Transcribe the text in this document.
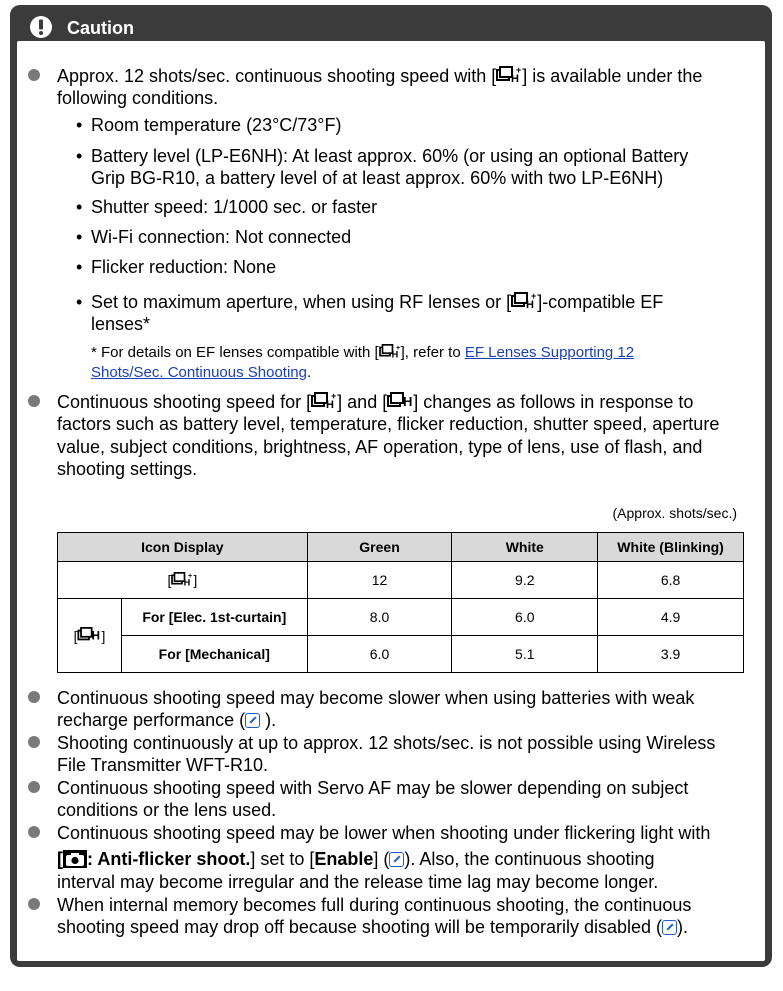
Caution
Approx. 12 shots/sec. continuous shooting speed with [ H
+ ] is available under the
following conditions.
• Room temperature (23°C/73°F)
• Battery level (LP-E6NH): At least approx. 60% (or using an optional Battery
Grip BG-R10, a battery level of at least approx. 60% with two LP-E6NH)
• Shutter speed: 1/1000 sec. or faster
• Wi-Fi connection: Not connected
• Flicker reduction: None
• Set to maximum aperture, when using RF lenses or [ H
+ ]-compatible EF
lenses*
* For details on EF lenses compatible with [ H
+ ], refer to EF Lenses Supporting 12
Shots/Sec. Continuous Shooting.
Continuous shooting speed for [ H
+ ] and [ H ] changes as follows in response to
factors such as battery level, temperature, flicker reduction, shutter speed, aperture
value, subject conditions, brightness, AF operation, type of lens, use of flash, and
shooting settings.
(Approx. shots/sec.)
Icon Display		Green	White	White (Blinking)
[ H
+ ]		12	9.2	6.8
[ H ]	For [Elec. 1st-curtain]	8.0	6.0	4.9
	For [Mechanical]	6.0	5.1	3.9
Continuous shooting speed may become slower when using batteries with weak
recharge performance ( ).
Shooting continuously at up to approx. 12 shots/sec. is not possible using Wireless
File Transmitter WFT-R10.
Continuous shooting speed with Servo AF may be slower depending on subject
conditions or the lens used.
Continuous shooting speed may be lower when shooting under flickering light with
[ : Anti-flicker shoot.] set to [Enable] ( ). Also, the continuous shooting
interval may become irregular and the release time lag may become longer.
When internal memory becomes full during continuous shooting, the continuous
shooting speed may drop off because shooting will be temporarily disabled ( ).
